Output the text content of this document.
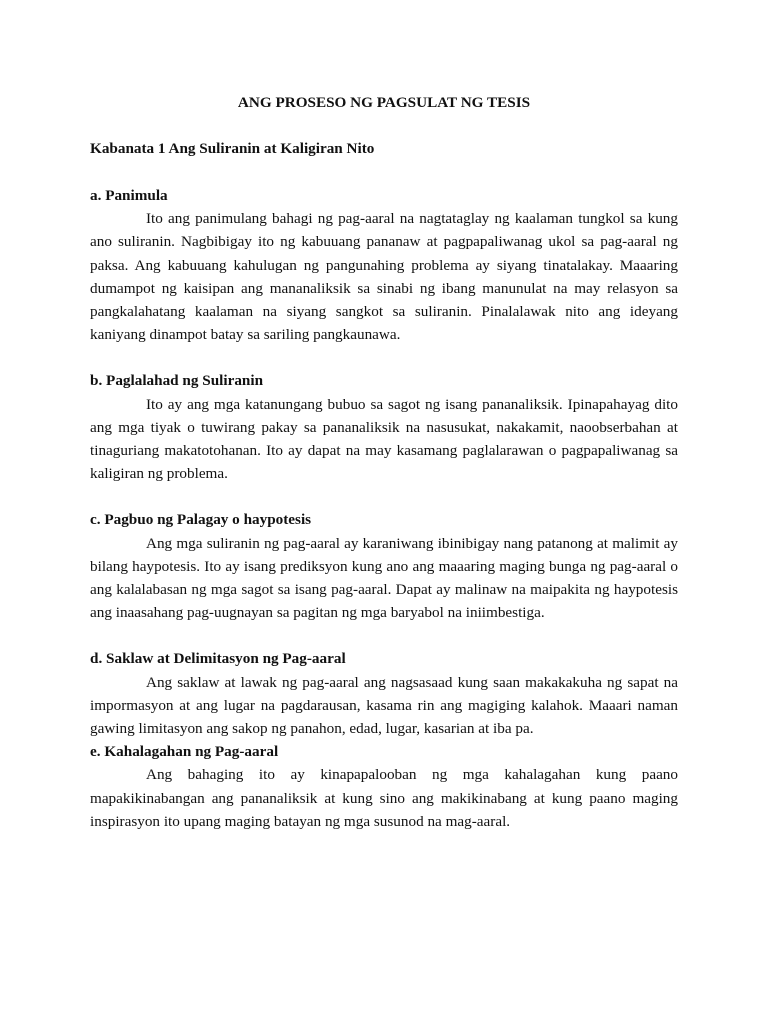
ANG PROSESO NG PAGSULAT NG TESIS

Kabanata 1 Ang Suliranin at Kaligiran Nito

a. Panimula

Ito ang panimulang bahagi ng pag-aaral na nagtataglay ng kaalaman tungkol sa kung ano suliranin. Nagbibigay ito ng kabuuang pananaw at pagpapaliwanag ukol sa pag-aaral ng paksa. Ang kabuuang kahulugan ng pangunahing problema ay siyang tinatalakay. Maaaring dumampot ng kaisipan ang mananaliksik sa sinabi ng ibang manunulat na may relasyon sa pangkalahatang kaalaman na siyang sangkot sa suliranin. Pinalalawak nito ang ideyang kaniyang dinampot batay sa sariling pangkaunawa.

b. Paglalahad ng Suliranin

Ito ay ang mga katanungang bubuo sa sagot ng isang pananaliksik. Ipinapahayag dito ang mga tiyak o tuwirang pakay sa pananaliksik na nasusukat, nakakamit, naoobserbahan at tinaguriang makatotohanan. Ito ay dapat na may kasamang paglalarawan o pagpapaliwanag sa kaligiran ng problema.

c. Pagbuo ng Palagay o haypotesis

Ang mga suliranin ng pag-aaral ay karaniwang ibinibigay nang patanong at malimit ay bilang haypotesis. Ito ay isang prediksyon kung ano ang maaaring maging bunga ng pag-aaral o ang kalalabasan ng mga sagot sa isang pag-aaral. Dapat ay malinaw na maipakita ng haypotesis ang inaasahang pag-uugnayan sa pagitan ng mga baryabol na iniimbestiga.

d. Saklaw at Delimitasyon ng Pag-aaral

Ang saklaw at lawak ng pag-aaral ang nagsasaad kung saan makakakuha ng sapat na impormasyon at ang lugar na pagdarausan, kasama rin ang magiging kalahok. Maaari naman gawing limitasyon ang sakop ng panahon, edad, lugar, kasarian at iba pa.

e. Kahalagahan ng Pag-aaral

Ang bahaging ito ay kinapapalooban ng mga kahalagahan kung paano mapakikinabangan ang pananaliksik at kung sino ang makikinabang at kung paano maging inspirasyon ito upang maging batayan ng mga susunod na mag-aaral.
